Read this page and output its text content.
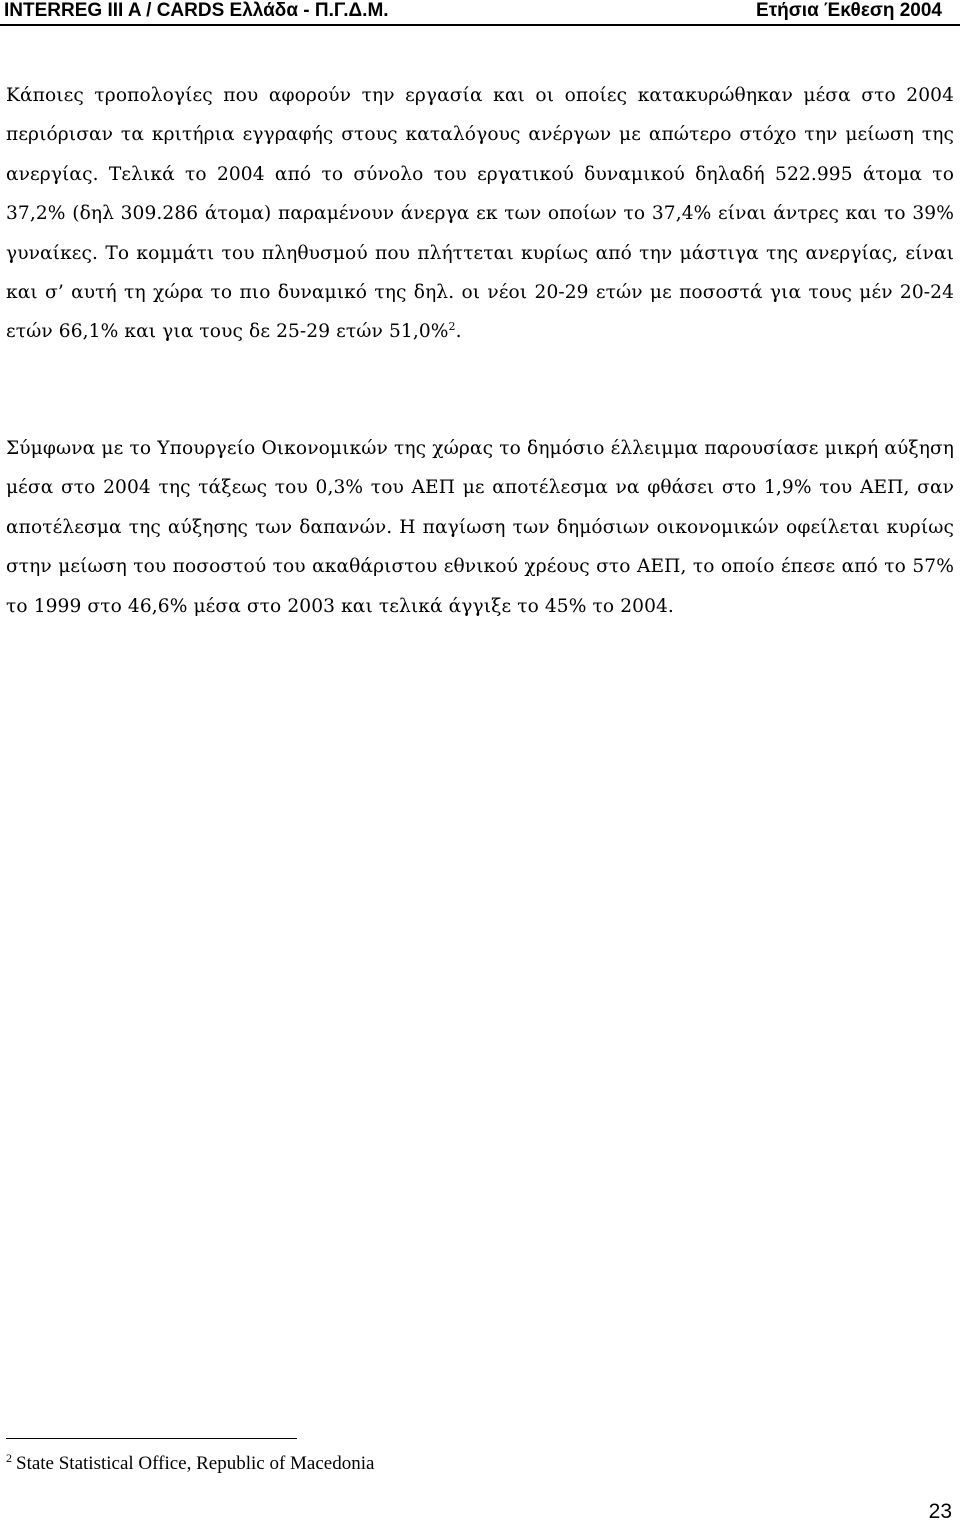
INTERREG III A / CARDS Ελλάδα - Π.Γ.Δ.Μ.	Ετήσια Έκθεση 2004
Κάποιες τροπολογίες που αφορούν την εργασία και οι οποίες κατακυρώθηκαν μέσα στο 2004 περιόρισαν τα κριτήρια εγγραφής στους καταλόγους ανέργων με απώτερο στόχο την μείωση της ανεργίας. Τελικά το 2004 από το σύνολο του εργατικού δυναμικού δηλαδή 522.995 άτομα το 37,2% (δηλ 309.286 άτομα) παραμένουν άνεργα εκ των οποίων το 37,4% είναι άντρες και το 39% γυναίκες. Το κομμάτι του πληθυσμού που πλήττεται κυρίως από την μάστιγα της ανεργίας, είναι και σ’ αυτή τη χώρα το πιο δυναμικό της δηλ. οι νέοι 20-29 ετών με ποσοστά για τους μέν 20-24 ετών 66,1% και για τους δε 25-29 ετών 51,0%$^2$.
Σύμφωνα με το Υπουργείο Οικονομικών της χώρας το δημόσιο έλλειμμα παρουσίασε μικρή αύξηση μέσα στο 2004 της τάξεως του 0,3% του ΑΕΠ με αποτέλεσμα να φθάσει στο 1,9% του ΑΕΠ, σαν αποτέλεσμα της αύξησης των δαπανών. Η παγίωση των δημόσιων οικονομικών οφείλεται κυρίως στην μείωση του ποσοστού του ακαθάριστου εθνικού χρέους στο ΑΕΠ, το οποίο έπεσε από το 57% το 1999 στο 46,6% μέσα στο 2003 και τελικά άγγιξε το 45% το 2004.
$^2$ State Statistical Office, Republic of Macedonia
23
